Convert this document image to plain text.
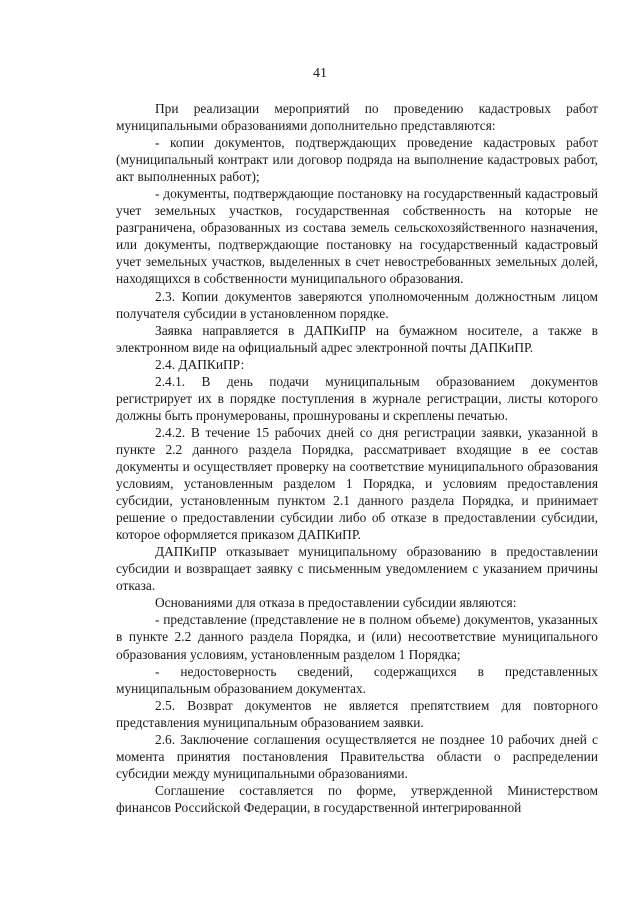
41

При реализации мероприятий по проведению кадастровых работ муниципальными образованиями дополнительно представляются:

- копии документов, подтверждающих проведение кадастровых работ (муниципальный контракт или договор подряда на выполнение кадастровых работ, акт выполненных работ);

- документы, подтверждающие постановку на государственный кадастровый учет земельных участков, государственная собственность на которые не разграничена, образованных из состава земель сельскохозяйственного назначения, или документы, подтверждающие постановку на государственный кадастровый учет земельных участков, выделенных в счет невостребованных земельных долей, находящихся в собственности муниципального образования.

2.3. Копии документов заверяются уполномоченным должностным лицом получателя субсидии в установленном порядке.

Заявка направляется в ДАПКиПР на бумажном носителе, а также в электронном виде на официальный адрес электронной почты ДАПКиПР.

2.4. ДАПКиПР:

2.4.1. В день подачи муниципальным образованием документов регистрирует их в порядке поступления в журнале регистрации, листы которого должны быть пронумерованы, прошнурованы и скреплены печатью.

2.4.2. В течение 15 рабочих дней со дня регистрации заявки, указанной в пункте 2.2 данного раздела Порядка, рассматривает входящие в ее состав документы и осуществляет проверку на соответствие муниципального образования условиям, установленным разделом 1 Порядка, и условиям предоставления субсидии, установленным пунктом 2.1 данного раздела Порядка, и принимает решение о предоставлении субсидии либо об отказе в предоставлении субсидии, которое оформляется приказом ДАПКиПР.

ДАПКиПР отказывает муниципальному образованию в предоставлении субсидии и возвращает заявку с письменным уведомлением с указанием причины отказа.

Основаниями для отказа в предоставлении субсидии являются:

- представление (представление не в полном объеме) документов, указанных в пункте 2.2 данного раздела Порядка, и (или) несоответствие муниципального образования условиям, установленным разделом 1 Порядка;

- недостоверность сведений, содержащихся в представленных муниципальным образованием документах.

2.5. Возврат документов не является препятствием для повторного представления муниципальным образованием заявки.

2.6. Заключение соглашения осуществляется не позднее 10 рабочих дней с момента принятия постановления Правительства области о распределении субсидии между муниципальными образованиями.

Соглашение составляется по форме, утвержденной Министерством финансов Российской Федерации, в государственной интегрированной
